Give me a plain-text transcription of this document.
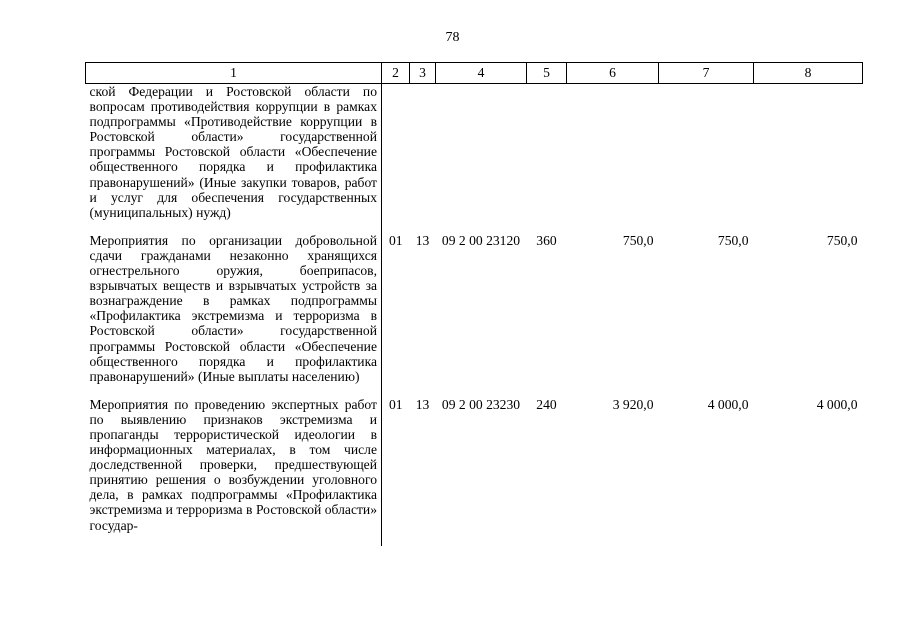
78
1	2	3	4	5	6	7	8
ской Федерации и Ростовской области по вопросам противодействия коррупции в рамках подпрограммы «Противодействие коррупции в Ростовской области» государственной программы Ростовской области «Обеспечение общественного порядка и профилактика правонарушений» (Иные закупки товаров, работ и услуг для обеспечения государственных (муниципальных) нужд)							
Мероприятия по организации добровольной сдачи гражданами незаконно хранящихся огнестрельного оружия, боеприпасов, взрывчатых веществ и взрывчатых устройств за вознаграждение в рамках подпрограммы «Профилактика экстремизма и терроризма в Ростовской области» государственной программы Ростовской области «Обеспечение общественного порядка и профилактика правонарушений» (Иные выплаты населению)	01	13	09 2 00 23120	360	750,0	750,0	750,0
Мероприятия по проведению экспертных работ по выявлению признаков экстремизма и пропаганды террористической идеологии в информационных материалах, в том числе доследственной проверки, предшествующей принятию решения о возбуждении уголовного дела, в рамках подпрограммы «Профилактика экстремизма и терроризма в Ростовской области» государ-	01	13	09 2 00 23230	240	3 920,0	4 000,0	4 000,0
